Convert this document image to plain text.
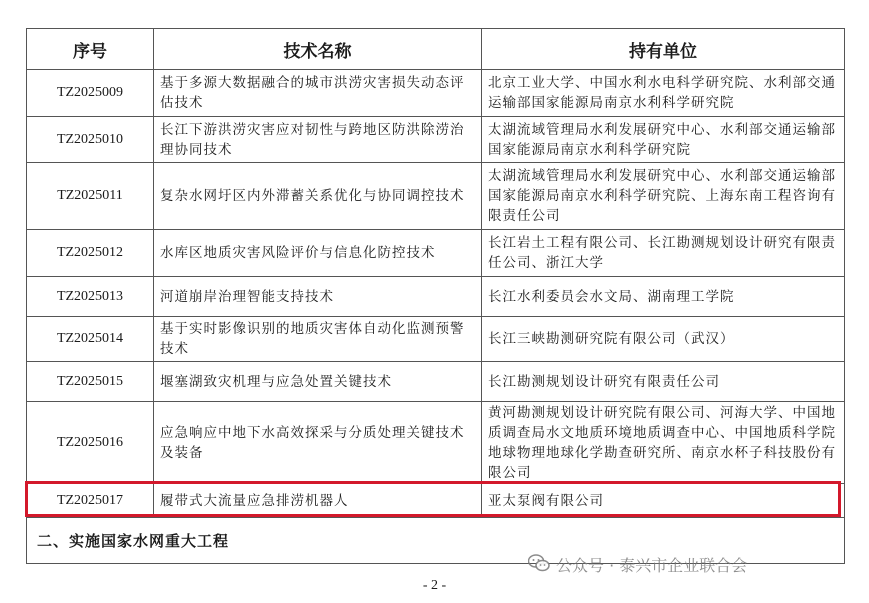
序号	技术名称	持有单位
TZ2025009	基于多源大数据融合的城市洪涝灾害损失动态评估技术	北京工业大学、中国水利水电科学研究院、水利部交通运输部国家能源局南京水利科学研究院
TZ2025010	长江下游洪涝灾害应对韧性与跨地区防洪除涝治理协同技术	太湖流域管理局水利发展研究中心、水利部交通运输部国家能源局南京水利科学研究院
TZ2025011	复杂水网圩区内外滞蓄关系优化与协同调控技术	太湖流域管理局水利发展研究中心、水利部交通运输部国家能源局南京水利科学研究院、上海东南工程咨询有限责任公司
TZ2025012	水库区地质灾害风险评价与信息化防控技术	长江岩土工程有限公司、长江勘测规划设计研究有限责任公司、浙江大学
TZ2025013	河道崩岸治理智能支持技术	长江水利委员会水文局、湖南理工学院
TZ2025014	基于实时影像识别的地质灾害体自动化监测预警技术	长江三峡勘测研究院有限公司（武汉）
TZ2025015	堰塞湖致灾机理与应急处置关键技术	长江勘测规划设计研究有限责任公司
TZ2025016	应急响应中地下水高效探采与分质处理关键技术及装备	黄河勘测规划设计研究院有限公司、河海大学、中国地质调查局水文地质环境地质调查中心、中国地质科学院地球物理地球化学勘查研究所、南京水杯子科技股份有限公司
TZ2025017	履带式大流量应急排涝机器人	亚太泵阀有限公司
二、实施国家水网重大工程		
公众号 · 泰兴市企业联合会
- 2 -
